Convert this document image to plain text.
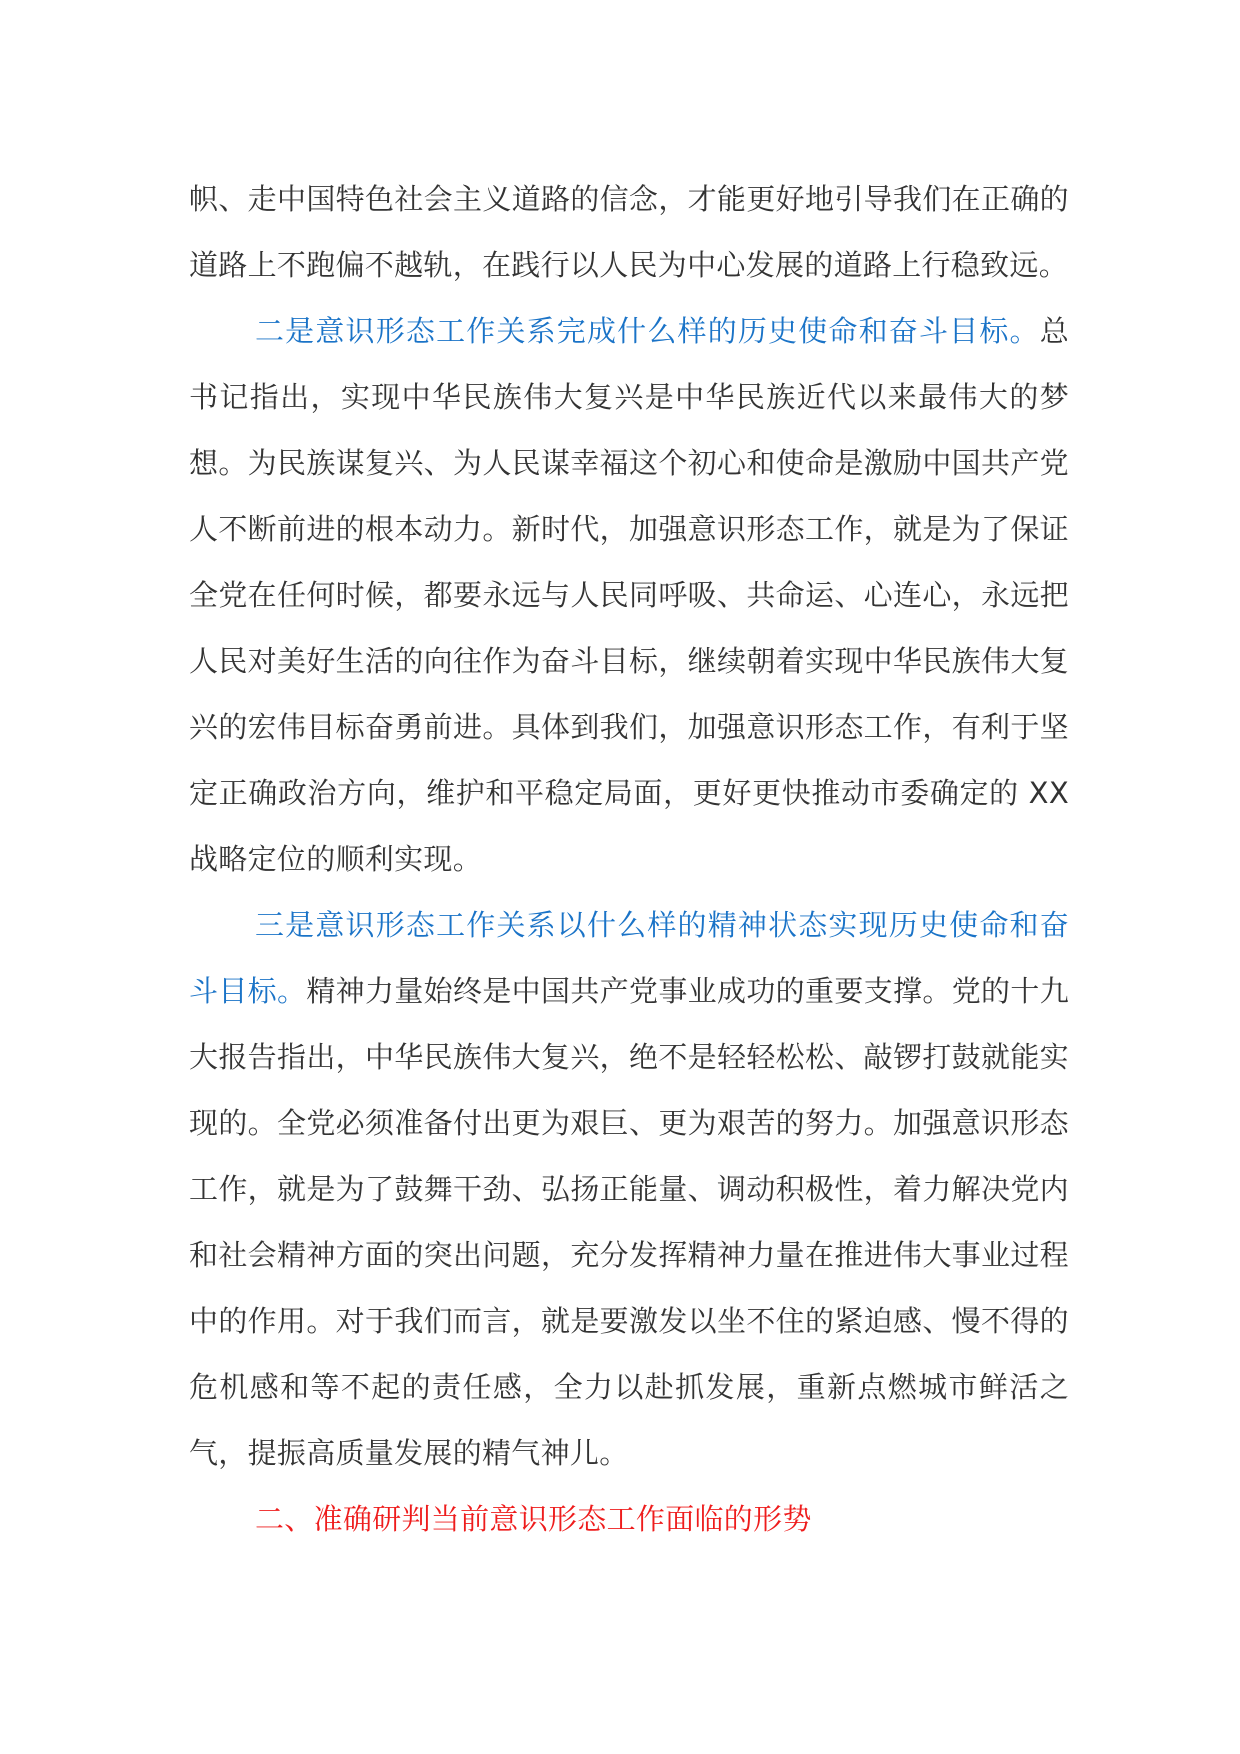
帜、走中国特色社会主义道路的信念，才能更好地引导我们在正确的道路上不跑偏不越轨，在践行以人民为中心发展的道路上行稳致远。

二是意识形态工作关系完成什么样的历史使命和奋斗目标。总书记指出，实现中华民族伟大复兴是中华民族近代以来最伟大的梦想。为民族谋复兴、为人民谋幸福这个初心和使命是激励中国共产党人不断前进的根本动力。新时代，加强意识形态工作，就是为了保证全党在任何时候，都要永远与人民同呼吸、共命运、心连心，永远把人民对美好生活的向往作为奋斗目标，继续朝着实现中华民族伟大复兴的宏伟目标奋勇前进。具体到我们，加强意识形态工作，有利于坚定正确政治方向，维护和平稳定局面，更好更快推动市委确定的 XX 战略定位的顺利实现。

三是意识形态工作关系以什么样的精神状态实现历史使命和奋斗目标。精神力量始终是中国共产党事业成功的重要支撑。党的十九大报告指出，中华民族伟大复兴，绝不是轻轻松松、敲锣打鼓就能实现的。全党必须准备付出更为艰巨、更为艰苦的努力。加强意识形态工作，就是为了鼓舞干劲、弘扬正能量、调动积极性，着力解决党内和社会精神方面的突出问题，充分发挥精神力量在推进伟大事业过程中的作用。对于我们而言，就是要激发以坐不住的紧迫感、慢不得的危机感和等不起的责任感，全力以赴抓发展，重新点燃城市鲜活之气，提振高质量发展的精气神儿。

二、准确研判当前意识形态工作面临的形势
